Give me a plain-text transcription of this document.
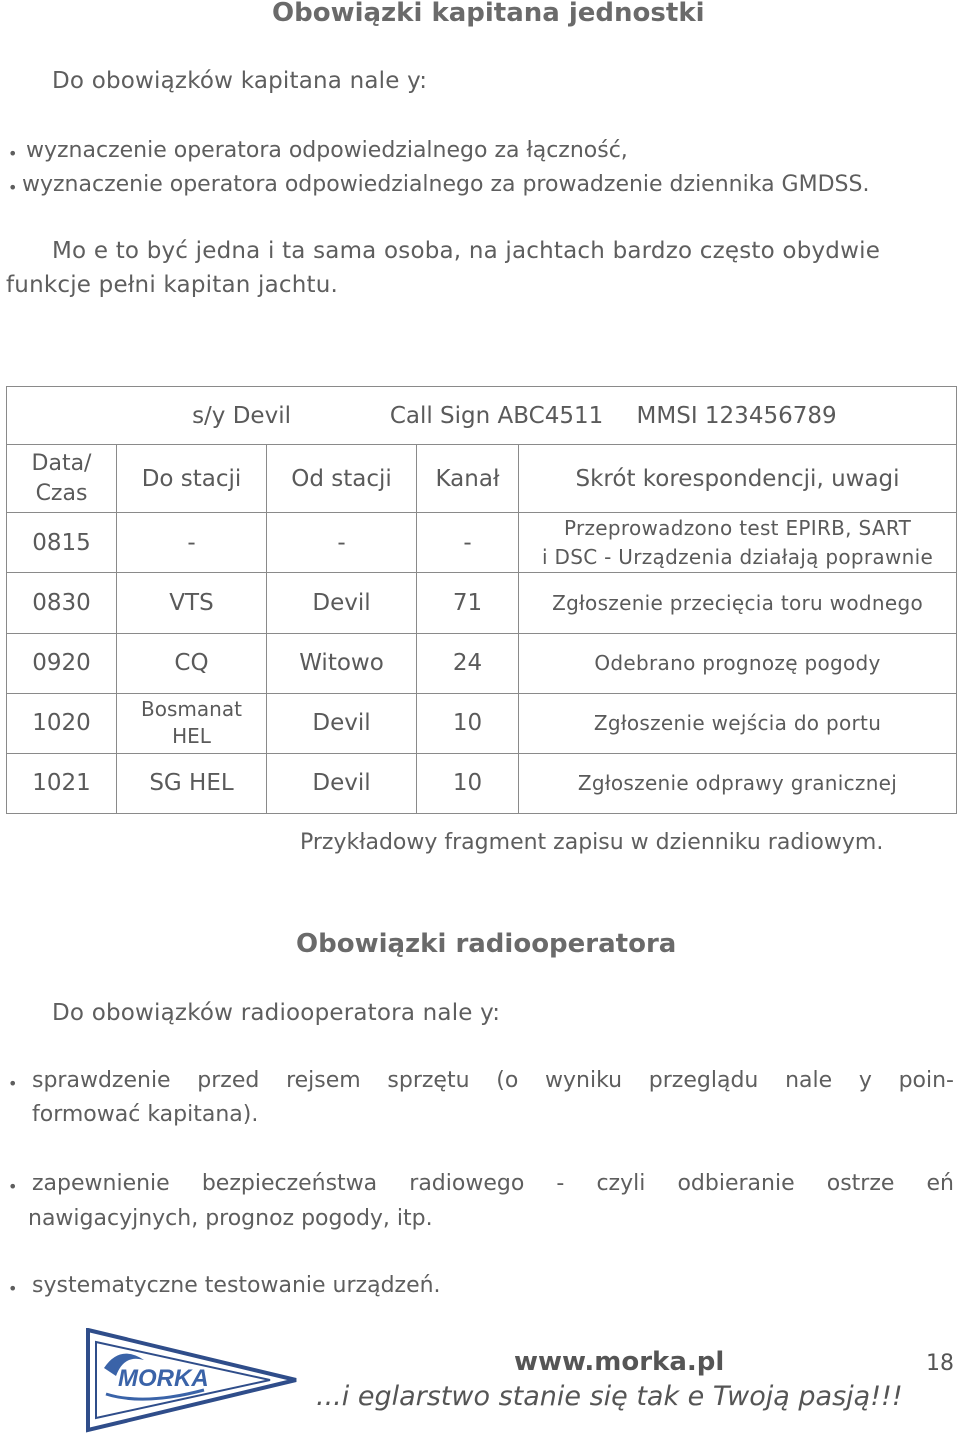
Obowiązki kapitana jednostki
Do obowiązków kapitana nale y:
• wyznaczenie operatora odpowiedzialnego za łączność,
• wyznaczenie operatora odpowiedzialnego za prowadzenie dziennika GMDSS.
Mo e to być jedna i ta sama osoba, na jachtach bardzo często obydwie
funkcje pełni kapitan jachtu.
s/y Devil Call Sign ABC4511 MMSI 123456789				
Data/
Czas	Do stacji	Od stacji	Kanał	Skrót korespondencji, uwagi
0815	-	-	-	Przeprowadzono test EPIRB, SART
i DSC - Urządzenia działają poprawnie
0830	VTS	Devil	71	Zgłoszenie przecięcia toru wodnego
0920	CQ	Witowo	24	Odebrano prognozę pogody
1020	Bosmanat
HEL	Devil	10	Zgłoszenie wejścia do portu
1021	SG HEL	Devil	10	Zgłoszenie odprawy granicznej
Przykładowy fragment zapisu w dzienniku radiowym.
Obowiązki radiooperatora
Do obowiązków radiooperatora nale y:
• sprawdzenie przed rejsem sprzętu (o wyniku przeglądu nale y poin-
formować kapitana).
• zapewnienie bezpieczeństwa radiowego - czyli odbieranie ostrze eń
nawigacyjnych, prognoz pogody, itp.
• systematyczne testowanie urządzeń.
MORKA
www.morka.pl	18
...i eglarstwo stanie się tak e Twoją pasją!!!
